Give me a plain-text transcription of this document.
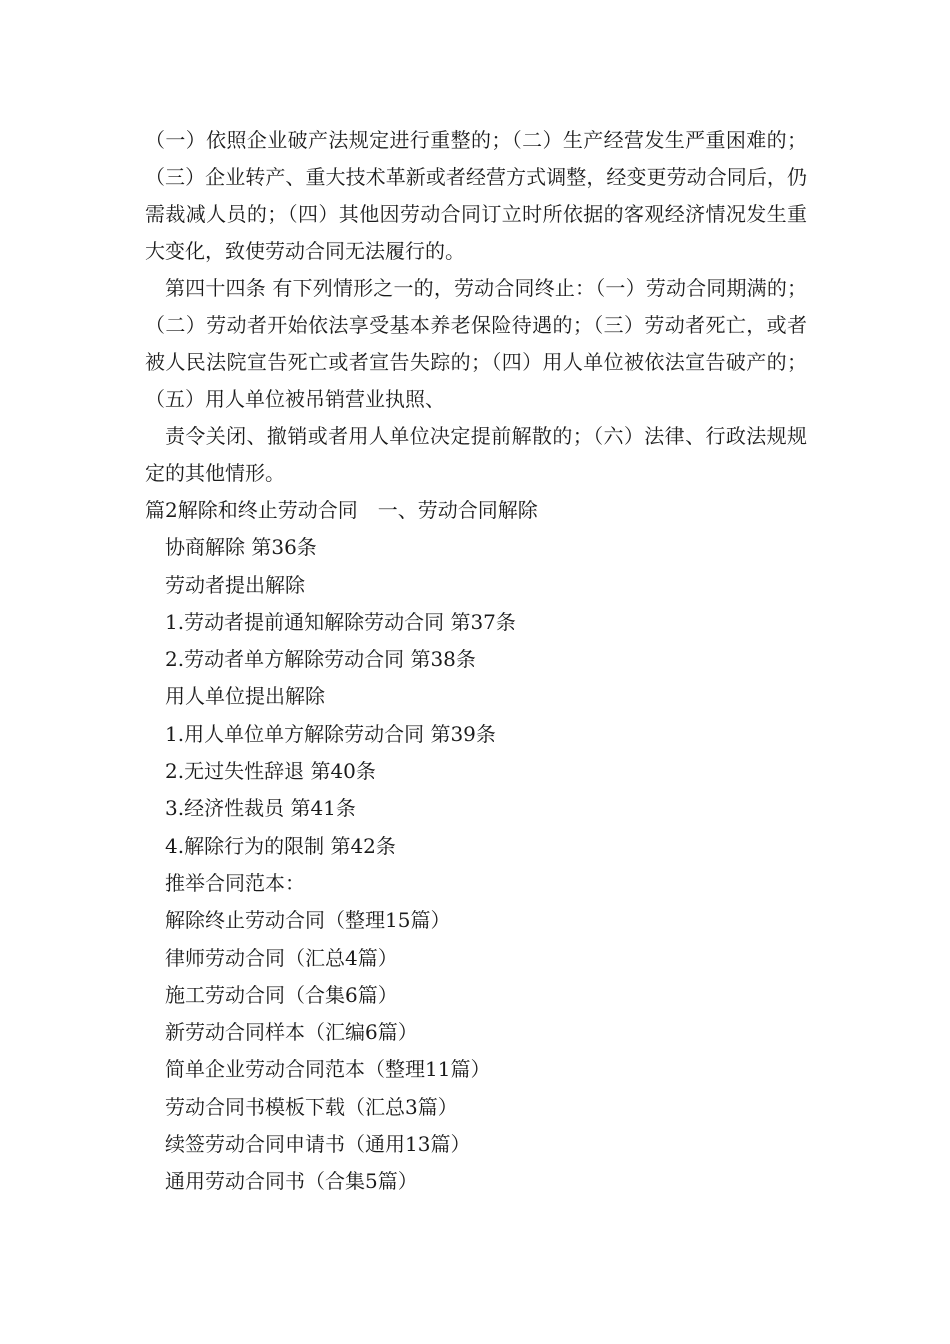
（一）依照企业破产法规定进行重整的；（二）生产经营发生严重困难的；（三）企业转产、重大技术革新或者经营方式调整，经变更劳动合同后，仍需裁减人员的；（四）其他因劳动合同订立时所依据的客观经济情况发生重大变化，致使劳动合同无法履行的。

第四十四条 有下列情形之一的，劳动合同终止：（一）劳动合同期满的；（二）劳动者开始依法享受基本养老保险待遇的；（三）劳动者死亡，或者被人民法院宣告死亡或者宣告失踪的；（四）用人单位被依法宣告破产的；（五）用人单位被吊销营业执照、

责令关闭、撤销或者用人单位决定提前解散的；（六）法律、行政法规规定的其他情形。

篇2解除和终止劳动合同　一、劳动合同解除

协商解除 第36条

劳动者提出解除

1.劳动者提前通知解除劳动合同 第37条

2.劳动者单方解除劳动合同 第38条

用人单位提出解除

1.用人单位单方解除劳动合同 第39条

2.无过失性辞退 第40条

3.经济性裁员 第41条

4.解除行为的限制 第42条

推举合同范本：

解除终止劳动合同（整理15篇）

律师劳动合同（汇总4篇）

施工劳动合同（合集6篇）

新劳动合同样本（汇编6篇）

简单企业劳动合同范本（整理11篇）

劳动合同书模板下载（汇总3篇）

续签劳动合同申请书（通用13篇）

通用劳动合同书（合集5篇）
